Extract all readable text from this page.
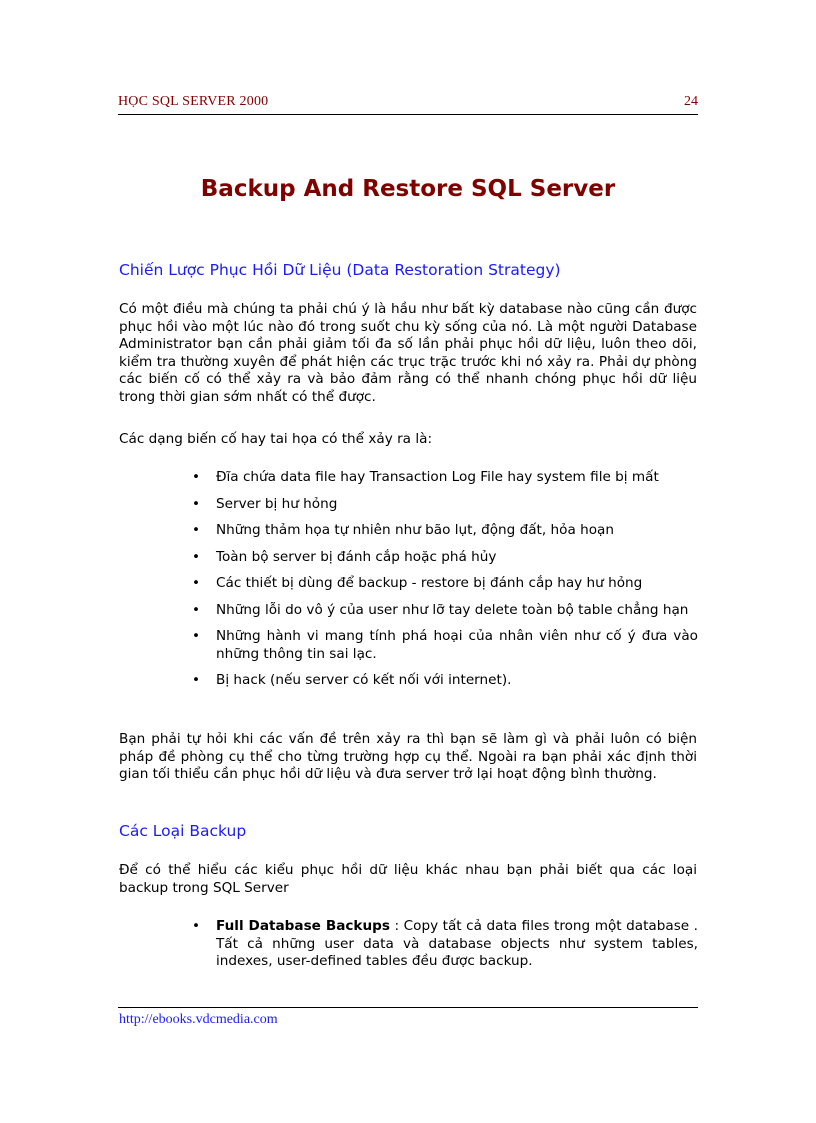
HỌC SQL SERVER 2000	24
Backup And Restore SQL Server
Chiến Lược Phục Hồi Dữ Liệu (Data Restoration Strategy)

Có một điều mà chúng ta phải chú ý là hầu như bất kỳ database nào cũng cần được phục hồi vào một lúc nào đó trong suốt chu kỳ sống của nó. Là một người Database Administrator bạn cần phải giảm tối đa số lần phải phục hồi dữ liệu, luôn theo dõi, kiểm tra thường xuyên để phát hiện các trục trặc trước khi nó xảy ra. Phải dự phòng các biến cố có thể xảy ra và bảo đảm rằng có thể nhanh chóng phục hồi dữ liệu trong thời gian sớm nhất có thể được.

Các dạng biến cố hay tai họa có thể xảy ra là:

• Đĩa chứa data file hay Transaction Log File hay system file bị mất
• Server bị hư hỏng
• Những thảm họa tự nhiên như bão lụt, động đất, hỏa hoạn
• Toàn bộ server bị đánh cắp hoặc phá hủy
• Các thiết bị dùng để backup - restore bị đánh cắp hay hư hỏng
• Những lỗi do vô ý của user như lỡ tay delete toàn bộ table chẳng hạn
• Những hành vi mang tính phá hoại của nhân viên như cố ý đưa vào những thông tin sai lạc.
• Bị hack (nếu server có kết nối với internet).

Bạn phải tự hỏi khi các vấn đề trên xảy ra thì bạn sẽ làm gì và phải luôn có biện pháp đề phòng cụ thể cho từng trường hợp cụ thể. Ngoài ra bạn phải xác định thời gian tối thiểu cần phục hồi dữ liệu và đưa server trở lại hoạt động bình thường.

Các Loại Backup

Để có thể hiểu các kiểu phục hồi dữ liệu khác nhau bạn phải biết qua các loại backup trong SQL Server

• Full Database Backups : Copy tất cả data files trong một database . Tất cả những user data và database objects như system tables, indexes, user-defined tables đều được backup.
http://ebooks.vdcmedia.com
